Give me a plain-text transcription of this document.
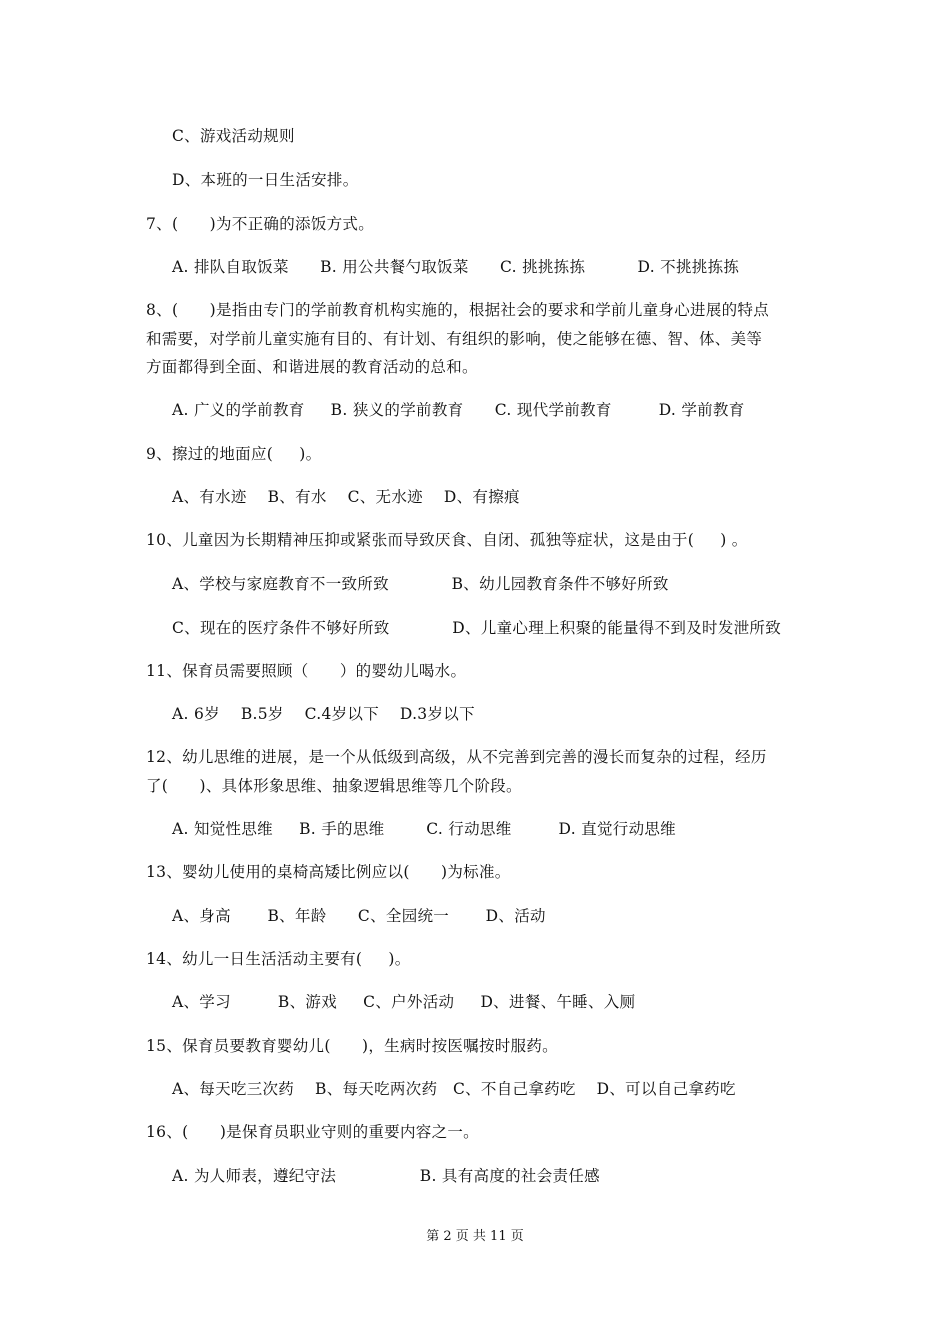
C、游戏活动规则
D、本班的一日生活安排。
7、(      )为不正确的添饭方式。
A. 排队自取饭菜      B. 用公共餐勺取饭菜      C. 挑挑拣拣          D. 不挑挑拣拣
8、(      )是指由专门的学前教育机构实施的，根据社会的要求和学前儿童身心进展的特点
和需要，对学前儿童实施有目的、有计划、有组织的影响，使之能够在德、智、体、美等
方面都得到全面、和谐进展的教育活动的总和。
A. 广义的学前教育     B. 狭义的学前教育      C. 现代学前教育         D. 学前教育
9、擦过的地面应(     )。
A、有水迹    B、有水    C、无水迹    D、有擦痕
10、儿童因为长期精神压抑或紧张而导致厌食、自闭、孤独等症状，这是由于(     ) 。
A、学校与家庭教育不一致所致            B、幼儿园教育条件不够好所致
C、现在的医疗条件不够好所致            D、儿童心理上积聚的能量得不到及时发泄所致
11、保育员需要照顾（      ）的婴幼儿喝水。
A. 6岁    B.5岁    C.4岁以下    D.3岁以下
12、幼儿思维的进展，是一个从低级到高级，从不完善到完善的漫长而复杂的过程，经历
了(      )、具体形象思维、抽象逻辑思维等几个阶段。
A. 知觉性思维     B. 手的思维        C. 行动思维         D. 直觉行动思维
13、婴幼儿使用的桌椅高矮比例应以(      )为标准。
A、身高       B、年龄      C、全园统一       D、活动
14、幼儿一日生活活动主要有(     )。
A、学习         B、游戏     C、户外活动     D、进餐、午睡、入厕
15、保育员要教育婴幼儿(      )，生病时按医嘱按时服药。
A、每天吃三次药    B、每天吃两次药   C、不自己拿药吃    D、可以自己拿药吃
16、(      )是保育员职业守则的重要内容之一。
A. 为人师表，遵纪守法                B. 具有高度的社会责任感
第 2 页 共 11 页
